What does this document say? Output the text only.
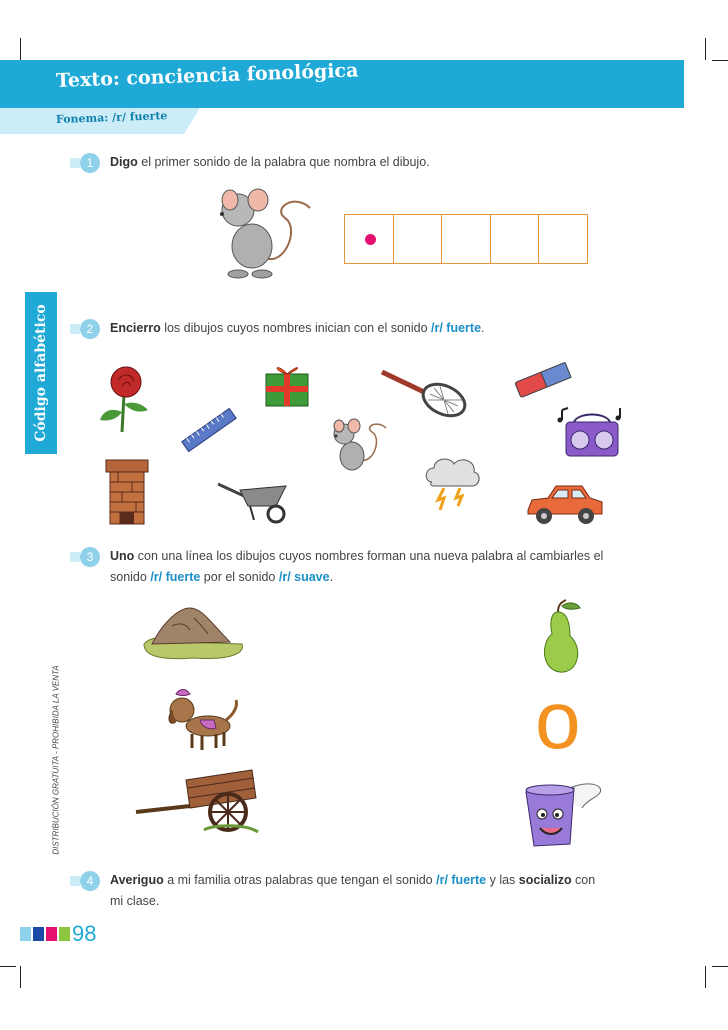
Texto: conciencia fonológica
Fonema: /r/ fuerte
Código alfabético
DISTRIBUCIÓN GRATUITA - PROHIBIDA LA VENTA
1	Digo el primer sonido de la palabra que nombra el dibujo.
2	Encierro los dibujos cuyos nombres inician con el sonido /r/ fuerte.
3	Uno con una línea los dibujos cuyos nombres forman una nueva palabra al cambiarles el sonido /r/ fuerte por el sonido /r/ suave.
o
4	Averiguo a mi familia otras palabras que tengan el sonido /r/ fuerte y las socializo con mi clase.
98
